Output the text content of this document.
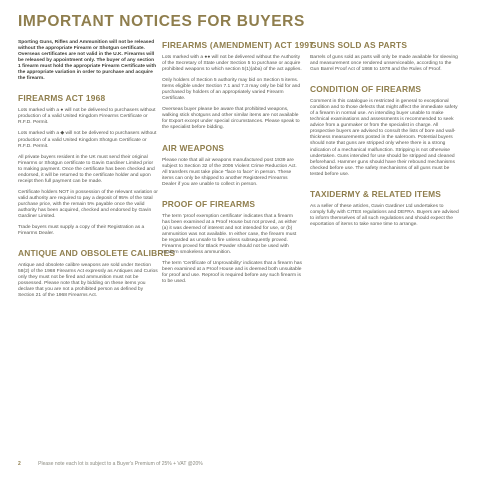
IMPORTANT NOTICES FOR BUYERS

Sporting Guns, Rifles and Ammunition will not be released without the appropriate Firearm or Shotgun certificate. Overseas certificates are not valid in the U.K. Firearms will be released by appointment only. The buyer of any section 1 firearm must hold the appropriate Firearm Certificate with the appropriate variation in order to purchase and acquire the firearm.

FIREARMS ACT 1968

Lots marked with a ● will not be delivered to purchasers without production of a valid United Kingdom Firearms Certificate or R.F.D. Permit.

Lots marked with a ◆ will not be delivered to purchasers without production of a valid United Kingdom Shotgun Certificate or R.F.D. Permit.

All private buyers resident in the UK must send their original Firearms or Shotgun certificate to Gavin Gardiner Limited prior to making payment. Once the certificate has been checked and endorsed, it will be returned to the certificate holder and upon receipt then full payment can be made.

Certificate holders NOT in possession of the relevant variation or valid authority are required to pay a deposit of 95% of the total purchase price, with the remain 5% payable once the valid authority has been acquired, checked and endorsed by Gavin Gardiner Limited.

Trade buyers must supply a copy of their Registration as a Firearms Dealer.

ANTIQUE AND OBSOLETE CALIBRES

Antique and obsolete calibre weapons are sold under Section 58(2) of the 1968 Firearms Act expressly as Antiques and Curios only they must not be fired and ammunition must not be possessed. Please note that by bidding on these items you declare that you are not a prohibited person as defined by Section 21 of the 1968 Firearms Act.

FIREARMS (AMENDMENT) ACT 1997

Lots marked with a ●● will not be delivered without the Authority of the Secretary of State under Section 5 to purchase or acquire prohibited weapons to which section 5(1)(aba) of the act applies.

Only holders of Section 5 authority may bid on Section 5 items. Items eligible under Section 7.1 and 7.3 may only be bid for and purchased by holders of an appropriately varied Firearm Certificate.

Overseas buyer please be aware that prohibited weapons, walking stick shotguns and other similar items are not available for Export except under special circumstances. Please speak to the specialist before bidding.

AIR WEAPONS

Please note that all air weapons manufactured post 1939 are subject to Section 32 of the 2006 Violent Crime Reduction Act. All transfers must take place "face to face" in person. These items can only be shipped to another Registered Firearms Dealer if you are unable to collect in person.

PROOF OF FIREARMS

The term 'proof exemption certificate' indicates that a firearm has been examined at a Proof House but not proved, as either (a) it was deemed of interest and not intended for use, or (b) ammunition was not available. In either case, the firearm must be regarded as unsafe to fire unless subsequently proved. Firearms proved for Black Powder should not be used with modern smokeless ammunition.

The term 'Certificate of Unprovability' indicates that a firearm has been examined at a Proof House and is deemed both unsuitable for proof and use. Reproof is required before any such firearm is to be used.

GUNS SOLD AS PARTS

Barrels of guns sold as parts will only be made available for sleeving and measurement once rendered unserviceable, according to the Gun Barrel Proof Act of 1868 to 1978 and the Rules of Proof.

CONDITION OF FIREARMS

Comment in this catalogue is restricted in general to exceptional condition and to those defects that might affect the immediate safety of a firearm in normal use. An intending buyer unable to make technical examinations and assessments is recommended to seek advice from a gunmaker or from the specialist in charge. All prospective buyers are advised to consult the lists of bore and wall-thickness measurements posted in the saleroom. Potential buyers should note that guns are stripped only where there is a strong indication of a mechanical malfunction. Stripping is not otherwise undertaken. Guns intended for use should be stripped and cleaned beforehand. Hammer guns should have their rebound mechanisms checked before use. The safety mechanisms of all guns must be tested before use.

TAXIDERMY & RELATED ITEMS

As a seller of these articles, Gavin Gardiner Ltd undertakes to comply fully with CITES regulations and DEFRA. Buyers are advised to inform themselves of all such regulations and should expect the exportation of items to take some time to arrange.

2	Please note each lot is subject to a Buyer's Premium of 25% + VAT @20%
